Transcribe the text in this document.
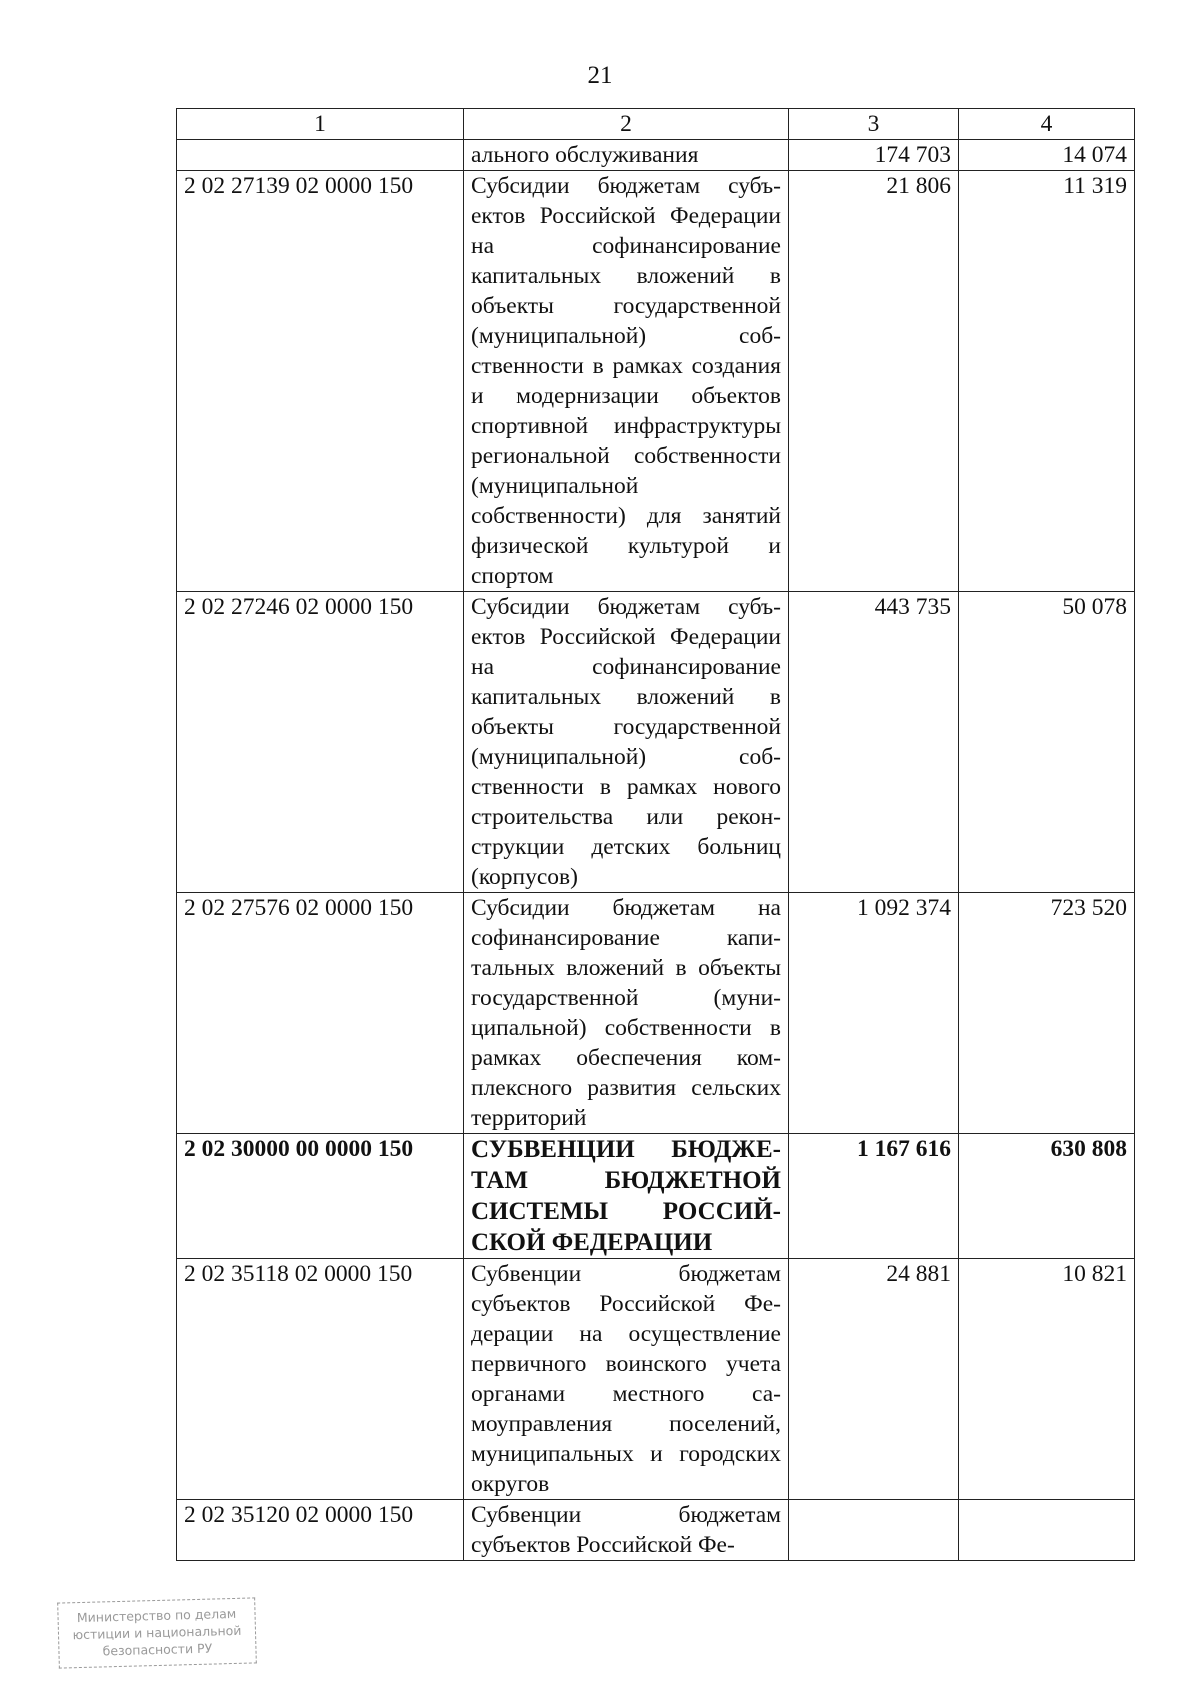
21
1	2	3	4
	ального обслуживания	174 703	14 074
2 02 27139 02 0000 150	Субсидии бюджетам субъектов Российской Федерации на софинансирование капитальных вложений в объекты государственной (муниципальной) собственности в рамках создания и модернизации объектов спортивной инфраструктуры региональной собственности (муниципальной собственности) для занятий физической культурой и спортом	21 806	11 319
2 02 27246 02 0000 150	Субсидии бюджетам субъектов Российской Федерации на софинансирование капитальных вложений в объекты государственной (муниципальной) собственности в рамках нового строительства или реконструкции детских больниц (корпусов)	443 735	50 078
2 02 27576 02 0000 150	Субсидии бюджетам на софинансирование капитальных вложений в объекты государственной (муниципальной) собственности в рамках обеспечения комплексного развития сельских территорий	1 092 374	723 520
2 02 30000 00 0000 150	СУБВЕНЦИИ БЮДЖЕТАМ БЮДЖЕТНОЙ СИСТЕМЫ РОССИЙСКОЙ ФЕДЕРАЦИИ	1 167 616	630 808
2 02 35118 02 0000 150	Субвенции бюджетам субъектов Российской Федерации на осуществление первичного воинского учета органами местного самоуправления поселений, муниципальных и городских округов	24 881	10 821
2 02 35120 02 0000 150	Субвенции бюджетам субъектов Российской Фе-		
Министерство по делам
юстиции и национальной
безопасности РУ
